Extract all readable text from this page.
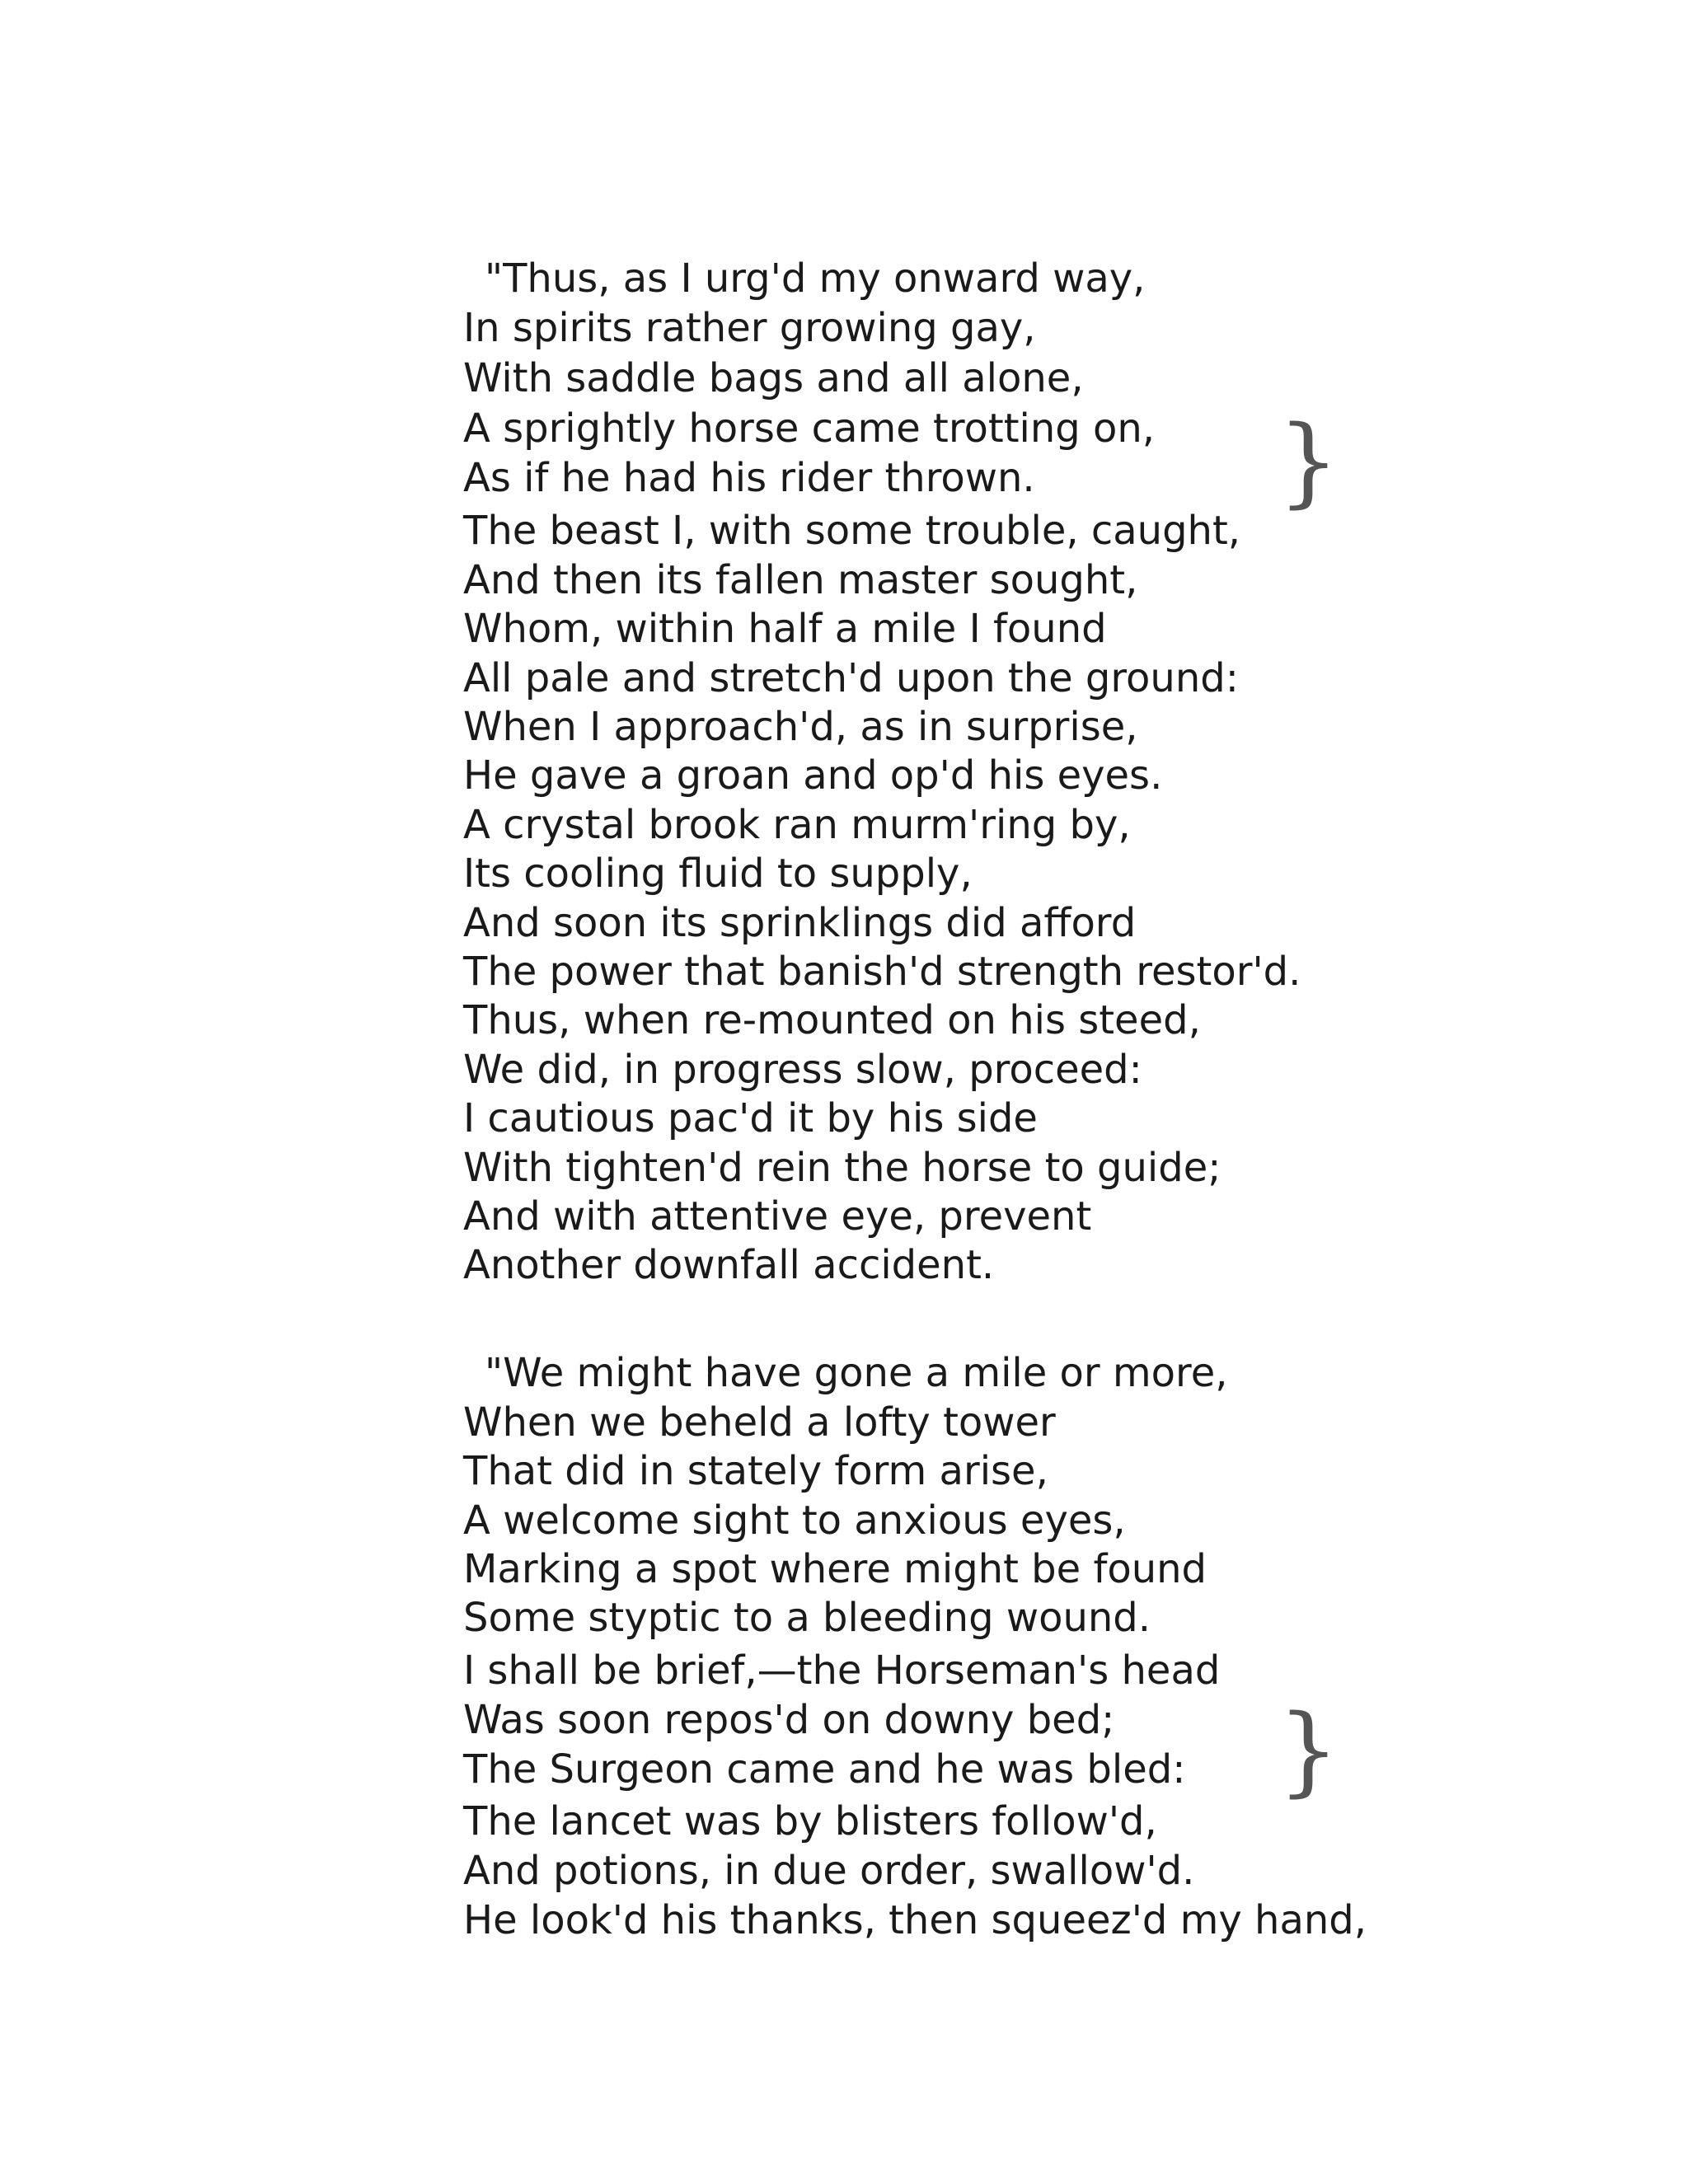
"Thus, as I urg'd my onward way,
In spirits rather growing gay,
With saddle bags and all alone,
A sprightly horse came trotting on,
As if he had his rider thrown.
The beast I, with some trouble, caught,
And then its fallen master sought,
Whom, within half a mile I found
All pale and stretch'd upon the ground:
When I approach'd, as in surprise,
He gave a groan and op'd his eyes.
A crystal brook ran murm'ring by,
Its cooling fluid to supply,
And soon its sprinklings did afford
The power that banish'd strength restor'd.
Thus, when re-mounted on his steed,
We did, in progress slow, proceed:
I cautious pac'd it by his side
With tighten'd rein the horse to guide;
And with attentive eye, prevent
Another downfall accident.
"We might have gone a mile or more,
When we beheld a lofty tower
That did in stately form arise,
A welcome sight to anxious eyes,
Marking a spot where might be found
Some styptic to a bleeding wound.
I shall be brief,—the Horseman's head
Was soon repos'd on downy bed;
The Surgeon came and he was bled:
The lancet was by blisters follow'd,
And potions, in due order, swallow'd.
He look'd his thanks, then squeez'd my hand,
}
}
